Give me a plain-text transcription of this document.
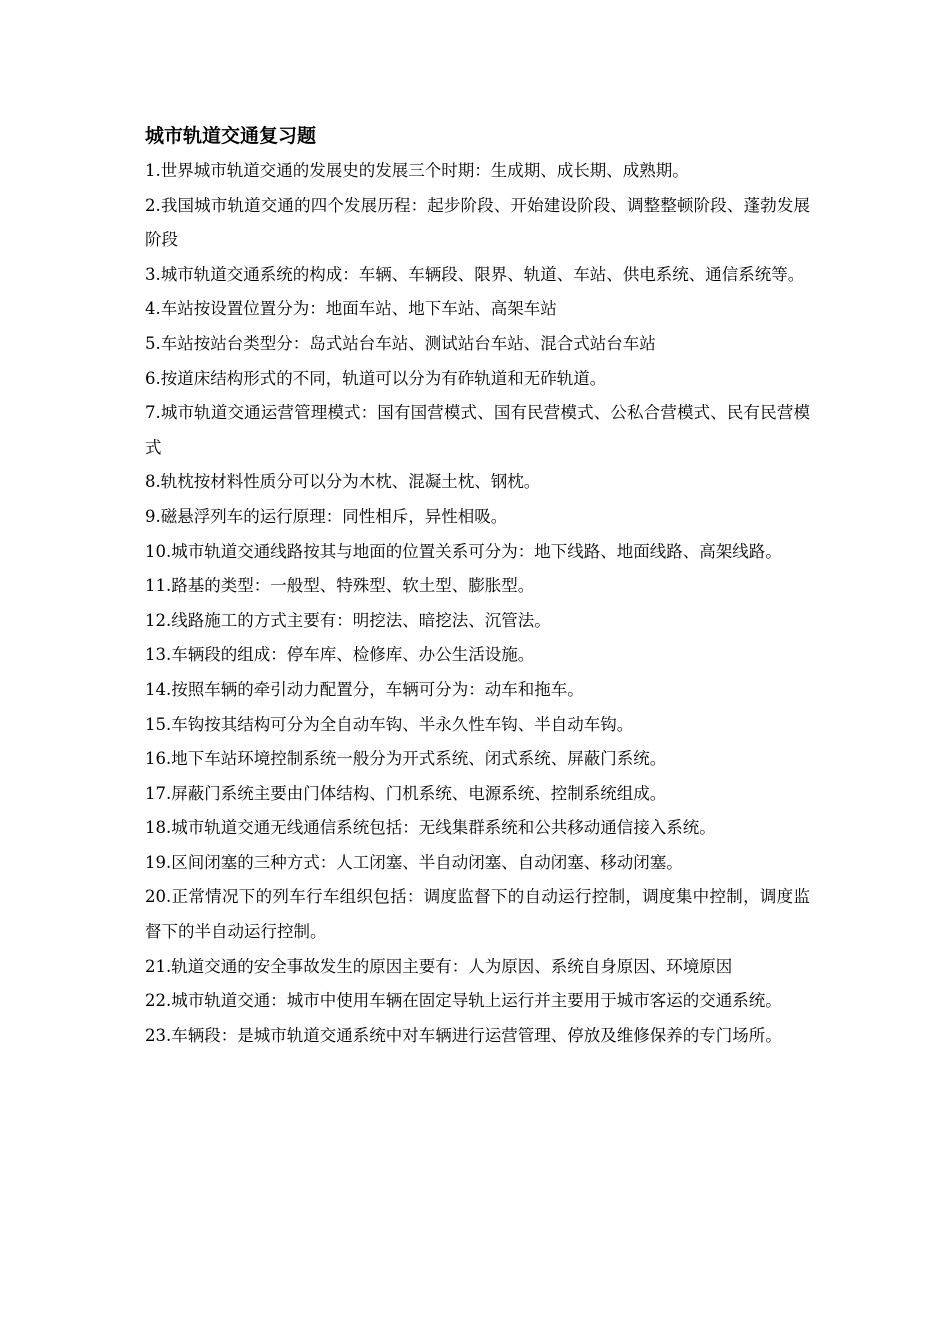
城市轨道交通复习题
1.世界城市轨道交通的发展史的发展三个时期：生成期、成长期、成熟期。
2.我国城市轨道交通的四个发展历程：起步阶段、开始建设阶段、调整整顿阶段、蓬勃发展阶段
3.城市轨道交通系统的构成：车辆、车辆段、限界、轨道、车站、供电系统、通信系统等。
4.车站按设置位置分为：地面车站、地下车站、高架车站
5.车站按站台类型分：岛式站台车站、测试站台车站、混合式站台车站
6.按道床结构形式的不同，轨道可以分为有砟轨道和无砟轨道。
7.城市轨道交通运营管理模式：国有国营模式、国有民营模式、公私合营模式、民有民营模式
8.轨枕按材料性质分可以分为木枕、混凝土枕、钢枕。
9.磁悬浮列车的运行原理：同性相斥，异性相吸。
10.城市轨道交通线路按其与地面的位置关系可分为：地下线路、地面线路、高架线路。
11.路基的类型：一般型、特殊型、软土型、膨胀型。
12.线路施工的方式主要有：明挖法、暗挖法、沉管法。
13.车辆段的组成：停车库、检修库、办公生活设施。
14.按照车辆的牵引动力配置分，车辆可分为：动车和拖车。
15.车钩按其结构可分为全自动车钩、半永久性车钩、半自动车钩。
16.地下车站环境控制系统一般分为开式系统、闭式系统、屏蔽门系统。
17.屏蔽门系统主要由门体结构、门机系统、电源系统、控制系统组成。
18.城市轨道交通无线通信系统包括：无线集群系统和公共移动通信接入系统。
19.区间闭塞的三种方式：人工闭塞、半自动闭塞、自动闭塞、移动闭塞。
20.正常情况下的列车行车组织包括：调度监督下的自动运行控制，调度集中控制，调度监督下的半自动运行控制。
21.轨道交通的安全事故发生的原因主要有：人为原因、系统自身原因、环境原因
22.城市轨道交通：城市中使用车辆在固定导轨上运行并主要用于城市客运的交通系统。
23.车辆段：是城市轨道交通系统中对车辆进行运营管理、停放及维修保养的专门场所。
